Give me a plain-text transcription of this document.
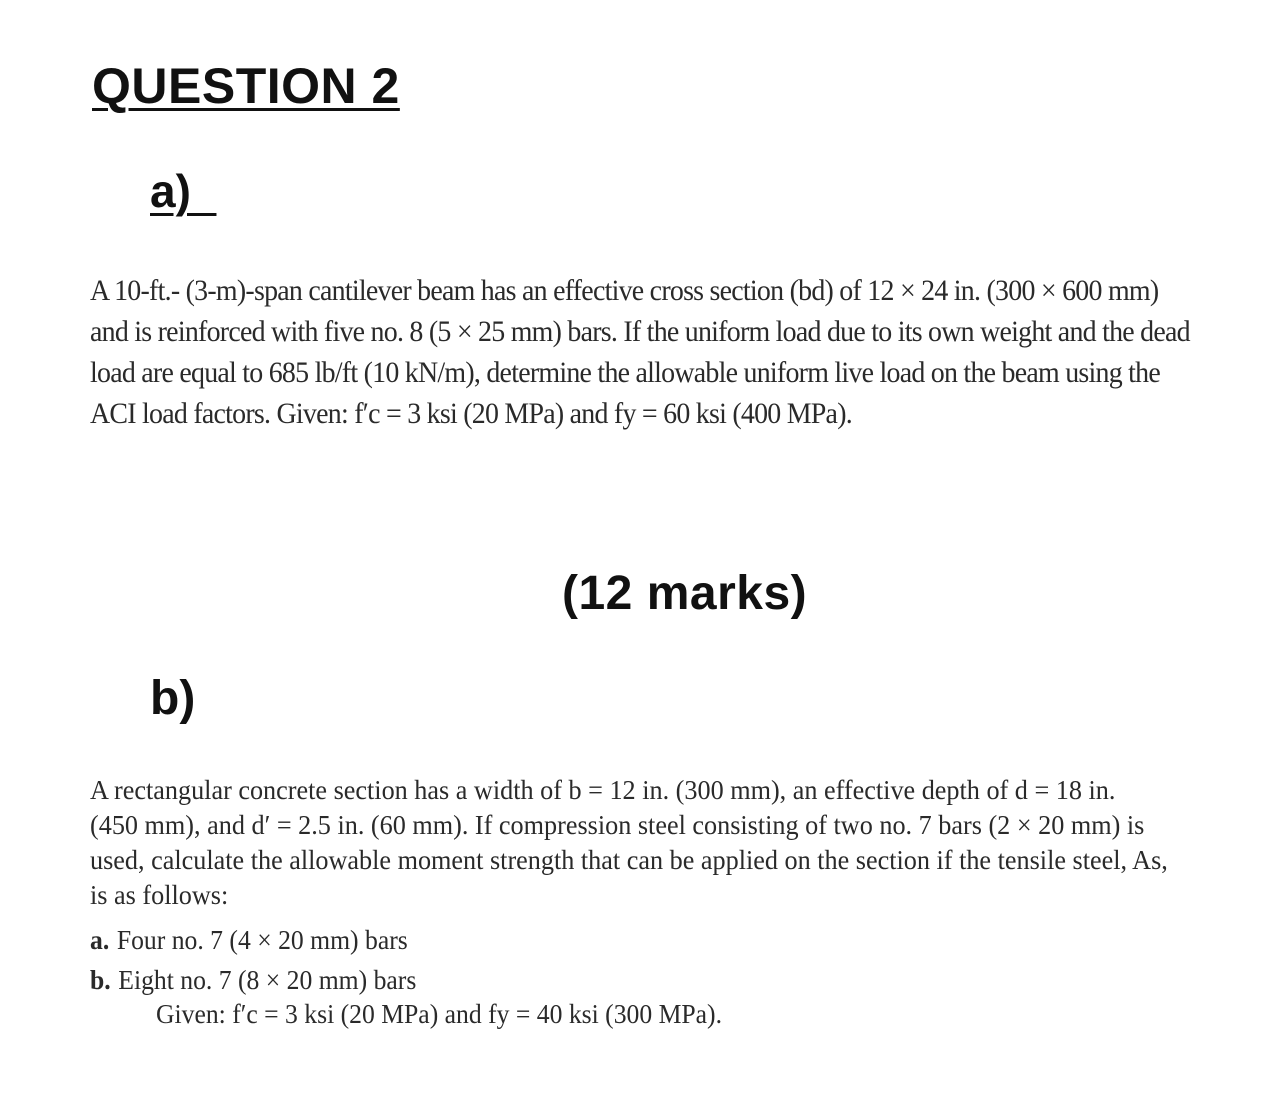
QUESTION 2
a)
A 10-ft.- (3-m)-span cantilever beam has an effective cross section (bd) of 12 × 24 in. (300 × 600 mm)
and is reinforced with five no. 8 (5 × 25 mm) bars. If the uniform load due to its own weight and the dead
load are equal to 685 lb/ft (10 kN/m), determine the allowable uniform live load on the beam using the
ACI load factors. Given: f′c = 3 ksi (20 MPa) and fy = 60 ksi (400 MPa).
(12 marks)
b)
A rectangular concrete section has a width of b = 12 in. (300 mm), an effective depth of d = 18 in.
(450 mm), and d′ = 2.5 in. (60 mm). If compression steel consisting of two no. 7 bars (2 × 20 mm) is
used, calculate the allowable moment strength that can be applied on the section if the tensile steel, As,
is as follows:
a. Four no. 7 (4 × 20 mm) bars
b. Eight no. 7 (8 × 20 mm) bars
Given: f′c = 3 ksi (20 MPa) and fy = 40 ksi (300 MPa).
